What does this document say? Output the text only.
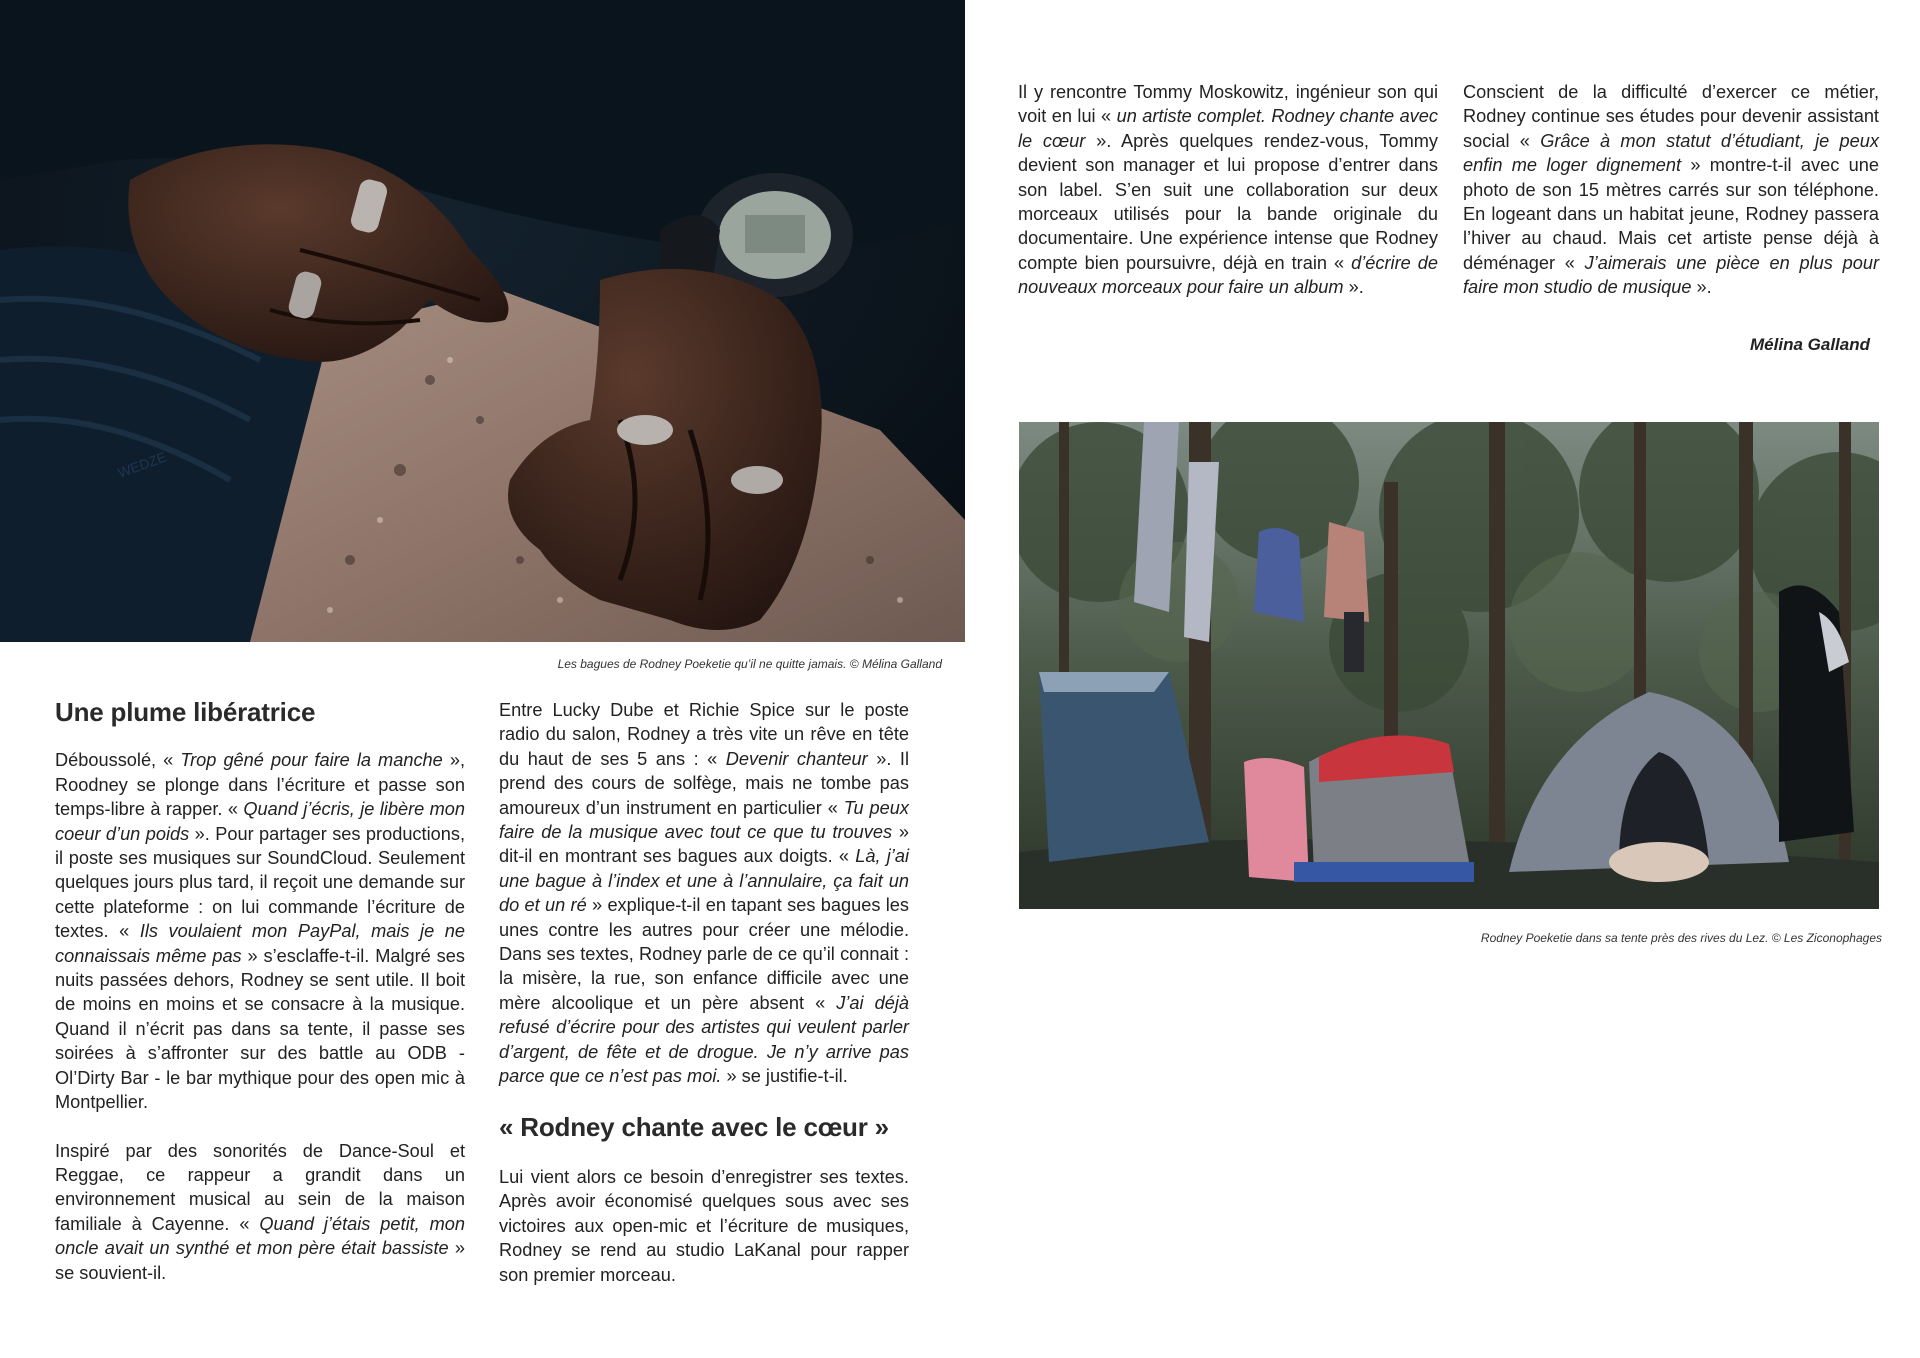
WEDZE
Les bagues de Rodney Poeketie qu’il ne quitte jamais. © Mélina Galland
Rodney Poeketie dans sa tente près des rives du Lez. © Les Ziconophages
Une plume libératrice

Déboussolé, « Trop gêné pour faire la manche », Roodney se plonge dans l’écriture et passe son temps-libre à rapper. « Quand j’écris, je libère mon coeur d’un poids ». Pour partager ses productions, il poste ses musiques sur SoundCloud. Seulement quelques jours plus tard, il reçoit une demande sur cette plateforme : on lui commande l’écriture de textes. « Ils voulaient mon PayPal, mais je ne connaissais même pas » s’esclaffe-t-il. Malgré ses nuits passées dehors, Rodney se sent utile. Il boit de moins en moins et se consacre à la musique. Quand il n’écrit pas dans sa tente, il passe ses soirées à s’affronter sur des battle au ODB - Ol’Dirty Bar - le bar mythique pour des open mic à Montpellier.

Inspiré par des sonorités de Dance-Soul et Reggae, ce rappeur a grandit dans un environnement musical au sein de la maison familiale à Cayenne. « Quand j’étais petit, mon oncle avait un synthé et mon père était bassiste » se souvient-il.

Entre Lucky Dube et Richie Spice sur le poste radio du salon, Rodney a très vite un rêve en tête du haut de ses 5 ans : « Devenir chanteur ». Il prend des cours de solfège, mais ne tombe pas amoureux d’un instrument en particulier « Tu peux faire de la musique avec tout ce que tu trouves » dit-il en montrant ses bagues aux doigts. « Là, j’ai une bague à l’index et une à l’annulaire, ça fait un do et un ré » explique-t-il en tapant ses bagues les unes contre les autres pour créer une mélodie. Dans ses textes, Rodney parle de ce qu’il connait : la misère, la rue, son enfance difficile avec une mère alcoolique et un père absent « J’ai déjà refusé d’écrire pour des artistes qui veulent parler d’argent, de fête et de drogue. Je n’y arrive pas parce que ce n’est pas moi. » se justifie-t-il.

« Rodney chante avec le cœur »

Lui vient alors ce besoin d’enregistrer ses textes. Après avoir économisé quelques sous avec ses victoires aux open-mic et l’écriture de musiques, Rodney se rend au studio LaKanal pour rapper son premier morceau.

Il y rencontre Tommy Moskowitz, ingénieur son qui voit en lui « un artiste complet. Rodney chante avec le cœur ». Après quelques rendez-vous, Tommy devient son manager et lui propose d’entrer dans son label. S’en suit une collaboration sur deux morceaux utilisés pour la bande originale du documentaire. Une expérience intense que Rodney compte bien poursuivre, déjà en train « d’écrire de nouveaux morceaux pour faire un album ».

Conscient de la difficulté d’exercer ce métier, Rodney continue ses études pour devenir assistant social « Grâce à mon statut d’étudiant, je peux enfin me loger dignement » montre-t-il avec une photo de son 15 mètres carrés sur son téléphone. En logeant dans un habitat jeune, Rodney passera l’hiver au chaud. Mais cet artiste pense déjà à déménager « J’aimerais une pièce en plus pour faire mon studio de musique ».

Mélina Galland
